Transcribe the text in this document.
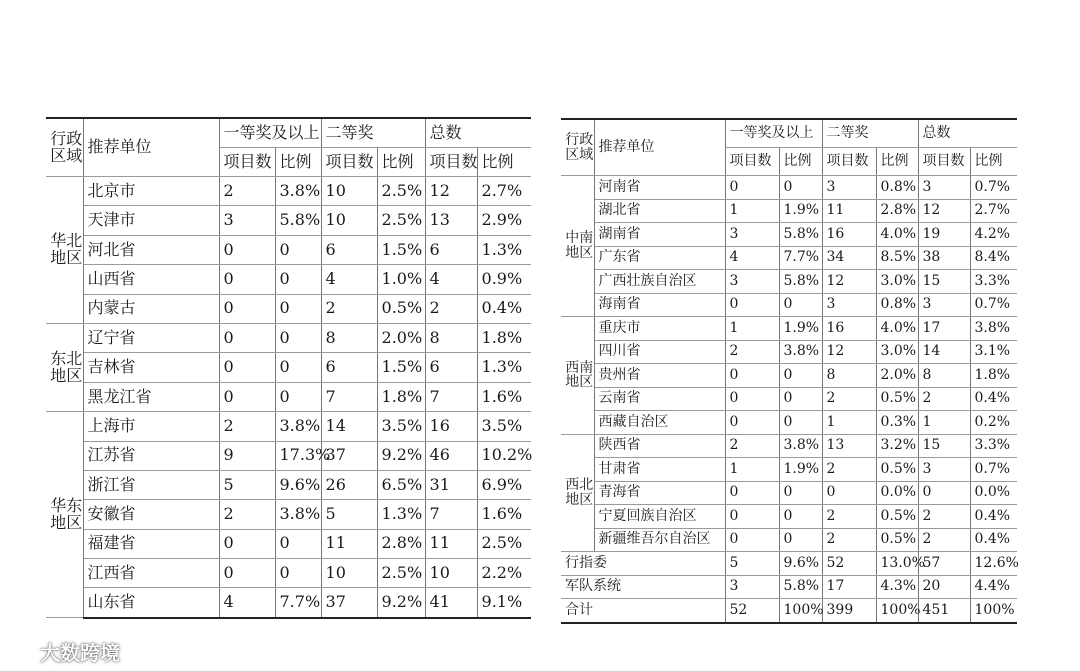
行政区域	推荐单位	一等奖及以上		二等奖		总数	
		项目数	比例	项目数	比例	项目数	比例
华北地区	北京市	2	3.8%	10	2.5%	12	2.7%
	天津市	3	5.8%	10	2.5%	13	2.9%
	河北省	0	0	6	1.5%	6	1.3%
	山西省	0	0	4	1.0%	4	0.9%
	内蒙古	0	0	2	0.5%	2	0.4%
东北地区	辽宁省	0	0	8	2.0%	8	1.8%
	吉林省	0	0	6	1.5%	6	1.3%
	黑龙江省	0	0	7	1.8%	7	1.6%
华东地区	上海市	2	3.8%	14	3.5%	16	3.5%
	江苏省	9	17.3%	37	9.2%	46	10.2%
	浙江省	5	9.6%	26	6.5%	31	6.9%
	安徽省	2	3.8%	5	1.3%	7	1.6%
	福建省	0	0	11	2.8%	11	2.5%
	江西省	0	0	10	2.5%	10	2.2%
	山东省	4	7.7%	37	9.2%	41	9.1%
行政区域	推荐单位	一等奖及以上		二等奖		总数	
		项目数	比例	项目数	比例	项目数	比例
中南地区	河南省	0	0	3	0.8%	3	0.7%
	湖北省	1	1.9%	11	2.8%	12	2.7%
	湖南省	3	5.8%	16	4.0%	19	4.2%
	广东省	4	7.7%	34	8.5%	38	8.4%
	广西壮族自治区	3	5.8%	12	3.0%	15	3.3%
	海南省	0	0	3	0.8%	3	0.7%
西南地区	重庆市	1	1.9%	16	4.0%	17	3.8%
	四川省	2	3.8%	12	3.0%	14	3.1%
	贵州省	0	0	8	2.0%	8	1.8%
	云南省	0	0	2	0.5%	2	0.4%
	西藏自治区	0	0	1	0.3%	1	0.2%
西北地区	陕西省	2	3.8%	13	3.2%	15	3.3%
	甘肃省	1	1.9%	2	0.5%	3	0.7%
	青海省	0	0	0	0.0%	0	0.0%
	宁夏回族自治区	0	0	2	0.5%	2	0.4%
	新疆维吾尔自治区	0	0	2	0.5%	2	0.4%
行指委		5	9.6%	52	13.0%	57	12.6%
军队系统		3	5.8%	17	4.3%	20	4.4%
合计		52	100%	399	100%	451	100%
大数跨境
